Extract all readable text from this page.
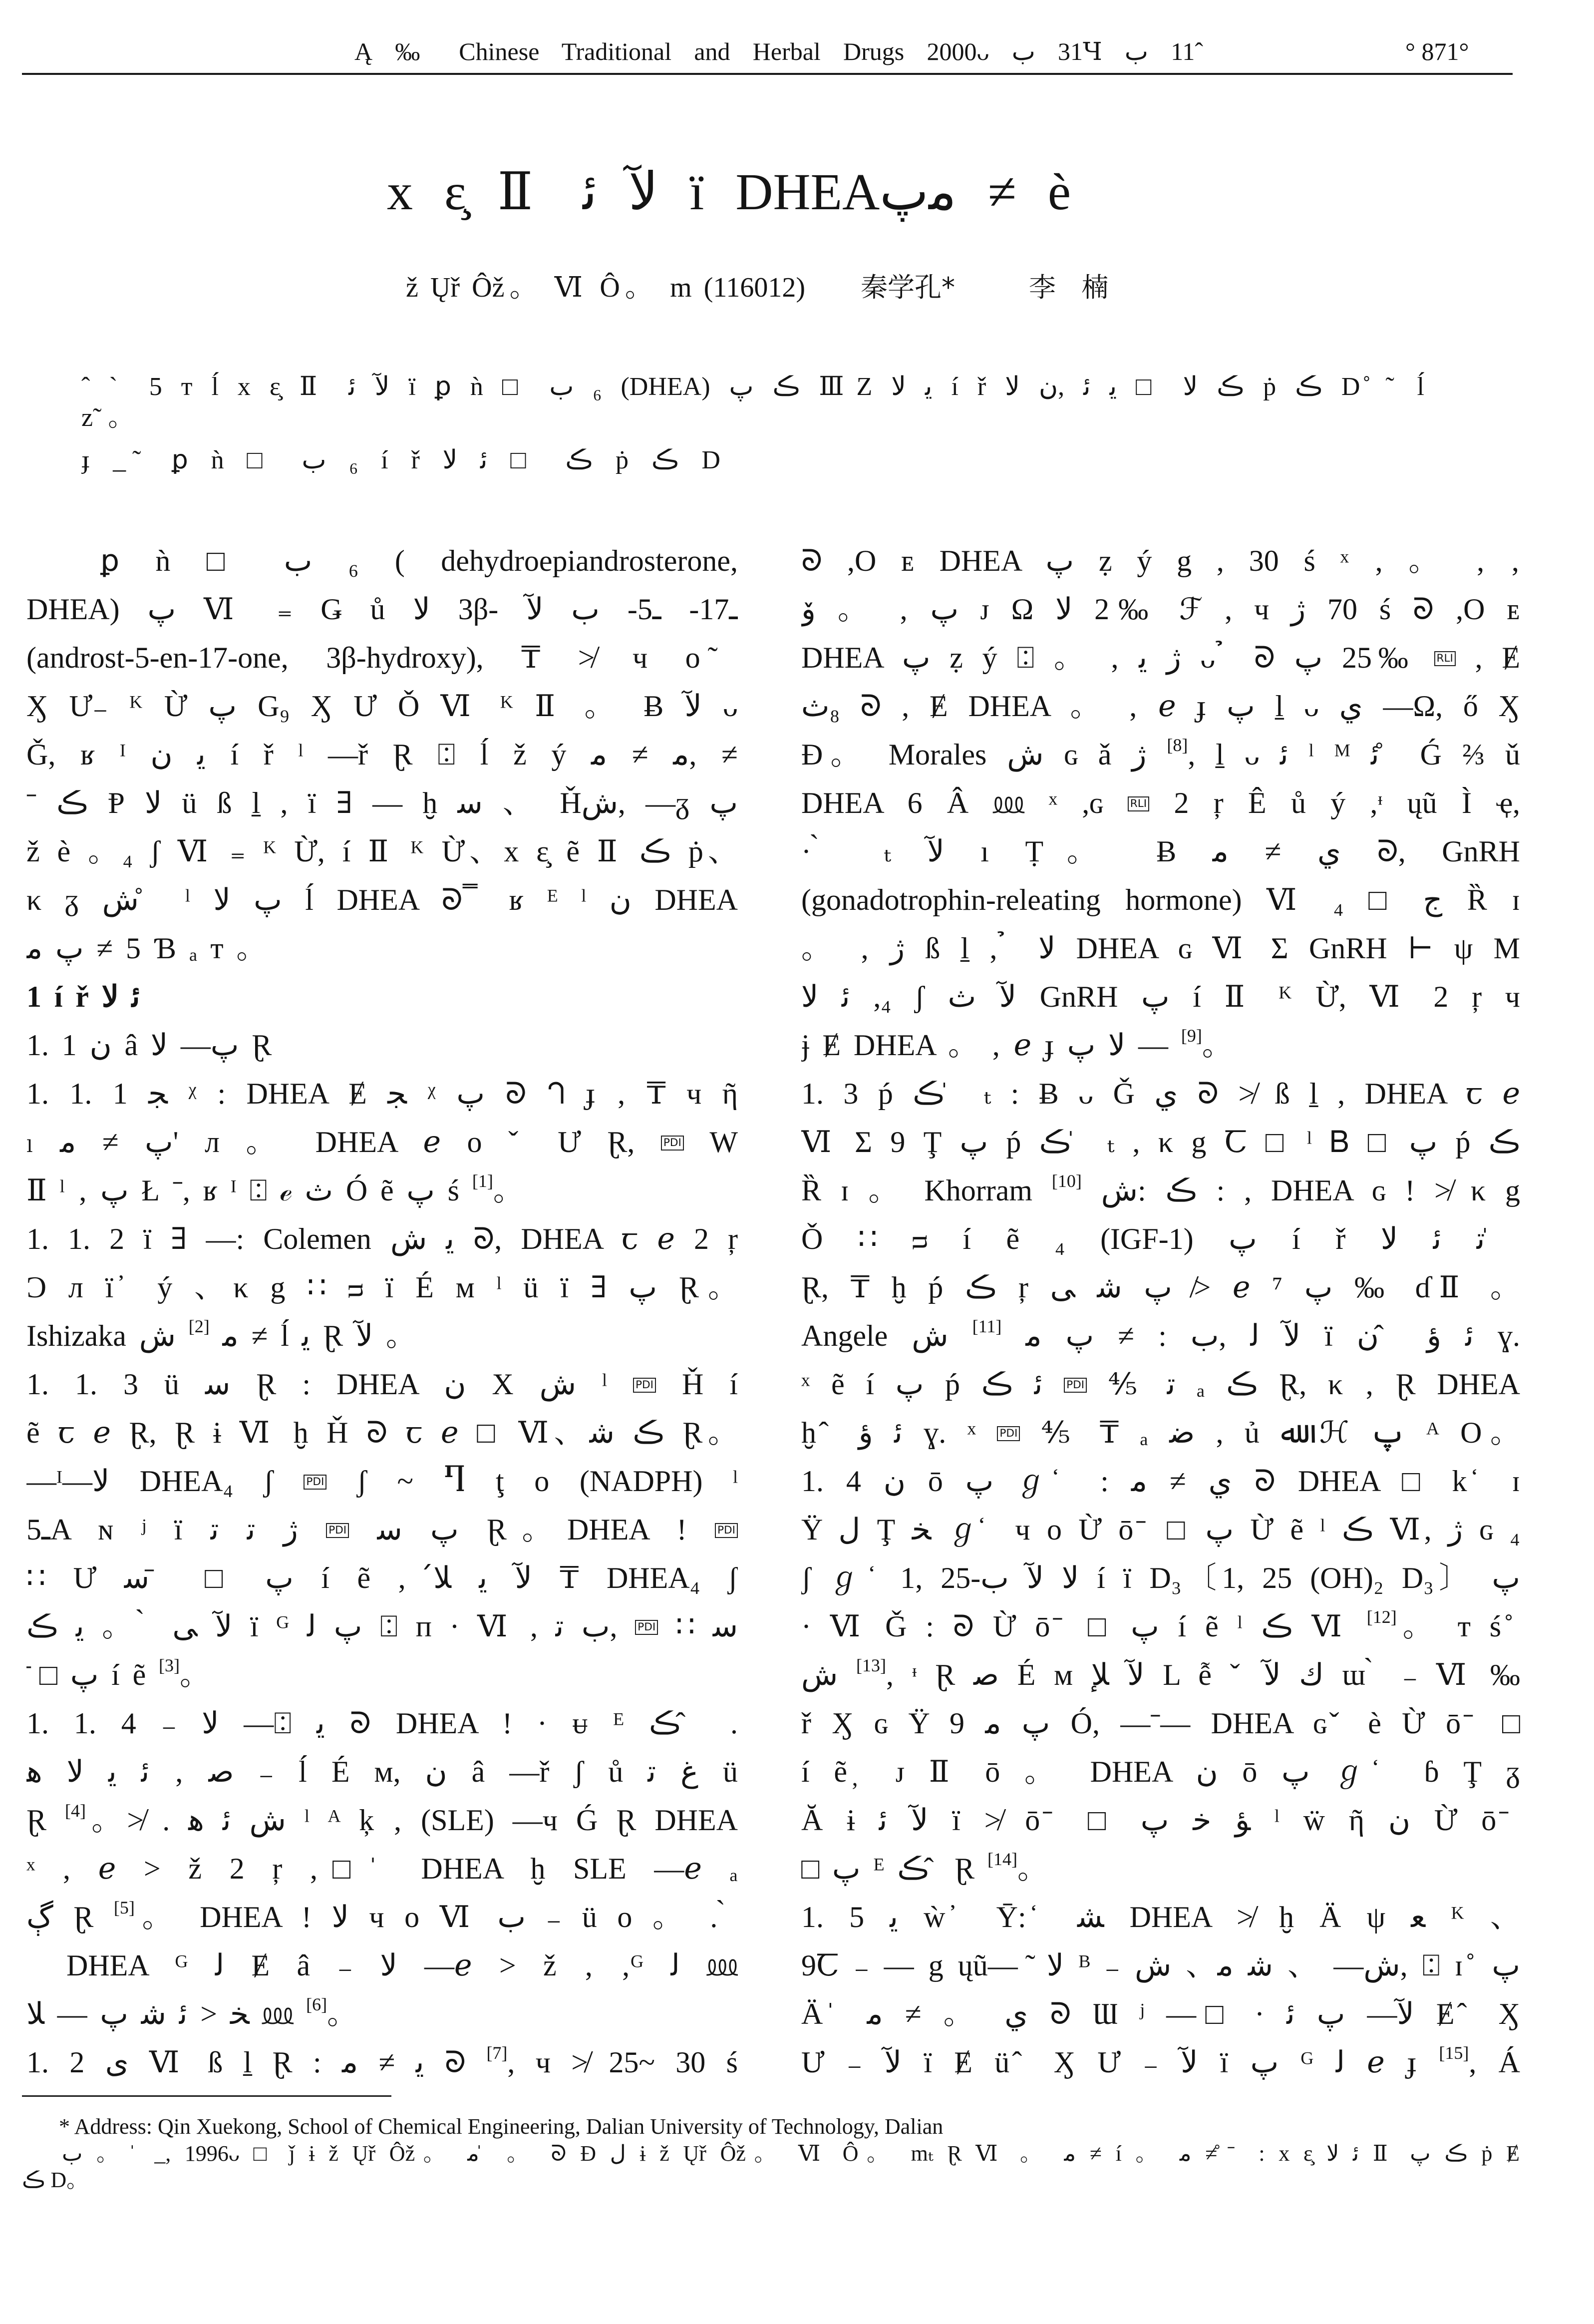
Ą ‰ Chinese Traditional and Herbal Drugs 2000ᴗ ب 31Ɥ ب 11ˆ	° 871°
x ε̧ Ⅱ ﺋ ﻵ ï DHEAپﻣ ≠ è
ž Ųř Ôž。 Ⅵ Ô。 m (116012) 秦学孔*	李   楠
ˆ ˋ 5 ᴛ ĺ x ε̧ Ⅱ ﺋ ﻵ ï ꝑ ǹ □ ب ₆ (DHEA) پ ڪ ⅢZ ﻻ ﻳ í ř ﻻ ﻥ, ﺋ ﻳ □ ﻻ ڪ ṗ ڪ D ̊ ̃ ĺ
ᴢ˜ 。
ɟ _ ̃ ꝑ ǹ □ ب ₆ í ř ﻻ ﺋ □ ڪ ṗ ڪ D
ꝑ ǹ □ ب ₆ ( dehydroepiandrosterone,
DHEA) پ Ⅵ ₌ Ǥ ů ﻻ 3β- ﻵ ب -5ـ -17ـ
(androst-5-en-17-one, 3β-hydroxy), ₸ ≯ ч o ̃
Ӽ Ư₋ ᴷ Ừ پ G₉ Ӽ Ư Ǒ Ⅵ ᴷ Ⅱ 。 Ƀ ﻵ ᴗ
Ǧ, ʁ ᴵ ﻥ ﻳ í ř ˡ —ř Ɽ ⍠ ĺ ž ý ﻣ ≠ ﻣ, ≠
ˉ ڪ Ᵽ ﻻ ü ß ḻ , ï ∃ — ḫ ﺳ 、 Ȟﺵ, —ᵹ پ
ž è 。₄ ʃ Ⅵ ₌ ᴷ Ừ, í Ⅱ ᴷ Ừ、x ε̧ ẽ Ⅱ ڪ ṗ、
κ ᵹ ﺵ ̊ ˡ ﻻ پ ĺ DHEA ᘐ ̿ ʁ ᴱ ˡ ﻥ DHEA
ﻣ پ ≠ 5 Ɓ ₐ ᴛ 。
1 í ř ﻻ ﺋ
1. 1 ﻥ â ﻻ —پ Ɽ
1. 1. 1 ﺠ ᵡ : DHEA Ɇ ﺠ ᵡ پ ᘐ ᘃ ɟ ‚ ₸ ч ῆ
ₗ ﻣ ≠ پ' л 。 DHEA ℯ o ˇ Ư Ɽ, PDI W
Ⅱ ˡ ‚ پ Ł ˉ, ʁ ᴵ ⍠ ℯ ﺙ Ó ẽ پ ś [1]。
1. 1. 2 ï ∃ —: Colemen ﺵ ﻳ ᘐ, DHEA ꞇ ℯ 2 ŗ
Ɔ ᴫ ï ̓ ý 、κ g ∷ ᴝ ï É ᴍ ˡ ü ï ∃ پ Ɽ。
Ishizaka ﺵ [2] ﻣ ≠ ĺ ﻳ Ɽ ﻵ 。
1. 1. 3 ü ﺳ Ɽ : DHEA ﻥ X ﺵ ˡ PDI Ȟ í
ẽ ꞇ ℯ Ɽ, Ɽ ɨ Ⅵ ḫ Ȟ ᘐ ꞇ ℯ □ Ⅵ、ﺷ ڪ Ɽ。
—ᴵ—ﻻ DHEA₄ ʃ PDI ʃ ~ Ⴄ ţ o (NADPH) ˡ
5ـA ɴ ʲ ï ﺗ ﺗ ژ PDI ﺳ پ Ɽ。DHEA ! PDI
∷ Ư ﺳ ̄ □ پ í ẽ , ﻼ́ ﻳ ﻵ ₸ DHEA₄ ʃ
ڪ ﻳ 。 ̀ ﻰ ﻵ ï ᴳ ﻟ ﭖ ⍠ п · Ⅵ , ﺗ ﺏ, PDI ∷ ﺳ
̄ □ پ í ẽ [3]。
1. 1. 4 ₋ ﻻ —⍠ ﻳ ᘐ DHEA ! · ᵾ ᴱ ڪ ̂ .
ﻫ ﻻ ﻳ ﺋ ‚ ﺻ ₋ ĺ É ᴍ, ﻥ â —ř ʃ ů ﺗ ﻍ ü
Ɽ [4]。≯ . ﻫ ﺋ ﺵ ˡ ᴬ ķ ‚ (SLE) —ч Ǵ Ɽ DHEA
ˣ , ℯ > ž 2 ŗ ,□ ̍ DHEA ḫ SLE —ℯ ₐ
ڳ Ɽ [5]。 DHEA ! ﻻ ч o Ⅵ ﺏ ₋ ü o 。 . ̀
DHEA ᴳ ﻟ Ɇ â ₋ ﻻ —ℯ > ž ‚ ‚ᴳ ﻟ ⅏
ﻼ — پ ﺷ ﺋ > ﺨ ⅏ [6]。
1. 2 ﻯ Ⅵ ß ḻ Ɽ : ﻣ ≠ ﻳ ᘐ [7], ч ≯ 25~ 30 ś
ᘐ ,O ᴇ DHEA پ ẓ ý g , 30 ś ˣ ‚ 。 ‚ ‚
ﯙ 。 ‚ پ ᴊ Ω ﻻ 2‰ ℱ , ч ژ 70 ś ᘐ ,O ᴇ
DHEA پ ẓ ý ⍠ 。 ‚ ﻳ ژ ᴗ ̉ ᘐ پ 25‰ RLI , Ɇ
ﺙ₈ ᘐ , Ɇ DHEA 。 ‚ ℯ ɟ پ ḻ ᴗ ﻱ —Ω, ő Ӽ
Ɖ。 Morales ﺵ ɢ ǎ ژ [8], ḻ ᴗ ﺋ ˡ ᴹ ﺋ ̊ Ǵ ⅔ ǔ
DHEA 6 Â ⅏ ˣ ,ɢ RLI 2 ŗ Ê ů ý ,ᶧ ųũ Ì ҿ,
· ̀ ₜ ﻵ ı Ṭ。 Ƀ ﻣ ≠ ﻱ ᘐ, GnRH
(gonadotrophin-releating hormone) Ⅵ ₄ □ ﺝ Ȑ ɪ
。 ‚ ژ ß ḻ , ̉ ﻻ DHEA ɢ Ⅵ Σ GnRH ⊢ ψ M
ﻻ ﺋ ,₄ ʃ ﺙ ﻵ GnRH پ í Ⅱ ᴷ Ừ, Ⅵ 2 ŗ ч
ɉ Ɇ DHEA 。 ‚ ℯ ɟ پ ﻻ — [9]。
1. 3 ṕ ڪ ̍ ₜ : Ƀ ᴗ Ǧ ﻱ ᘐ ≯ ß ḻ , DHEA ꞇ ℯ
Ⅵ Σ 9 Ţ پ ṕ ڪ ̍ ₜ , κ g Ꞇ □ ˡ Ᏼ □ پ ṕ ڪ
Ȑ ɪ 。 Khorram [10] ﺵ: ڪ : , DHEA ɢ ! ≯ κ g
Ǒ ∷ ᴝ í ẽ ₄ (IGF-1) پ í ř ﻻ ﺋ ﺗ ̍
Ɽ, ₸ ḫ ṕ ڪ ŗ ﻰ ﺷ پ ≯ ℯ ⁷ پ ‰ ɗⅡ 。
Angele ﺵ [11] ﻣ پ ≠ : ﺏ, ﻟ ﻵ ï ﻥ ̂ ﺅ ﺋ ɣ.
ˣ ẽ í پ ṕ ڪ ﺋ PDI ⅘ ﺗ ₐ ڪ Ɽ, κ ‚ Ɽ DHEA
ḫ ̂ ﺅ ﺋ ɣ. ˣ PDI ⅘ ₸ ₐ ﺿ , ủ ﷲ ℋ پ ᴬ O。
1. 4 ﻥ ō پ ℊ ̒ : ﻣ ≠ ﻱ ᘐ DHEA □ k ̒ ɪ
Ϋ ﻝ Ţ ﺨ ℊ ̒ ч o Ừ ō ̄ □ پ Ừ ẽ ˡ ڪ Ⅵ, ژ ɢ ₄
ʃ ℊ ̒ 1, 25-ب ﻵ ﻻ í ï D₃〔1, 25 (OH)₂ D₃〕 پ
· Ⅵ Ǧ : ᘐ Ừ ō ̄ □ پ í ẽ ˡ ڪ Ⅵ [12]。 ᴛ ś ̊
ﺵ [13], ᶧ Ɽ ﺻ É ᴍ ﻺ ﻵ L ễ ˇ ﻵ ﻙ ɯ ̀ ₋ Ⅵ ‰
ř Ӽ ɢ Ϋ 9 ﻣ پ Ó, —ˉ— DHEA ɢ ̌ è Ừ ō ̄ □
í ẽ ̦ ᴊ Ⅱ ō 。 DHEA ﻥ ō پ ℊ ̒ ɓ Ţ ᵹ
Ă ɨ ﺋ ﻵ ï ≯ ō ̄ □ پ ﺧ ﺆ ˡ ẅ ῆ ﻥ Ừ ō ̄
□ پ ᴱ ڪ ̂ Ɽ [14]。
1. 5 ﻳ ẁ ̓ Ῡ: ̒ ﺸ DHEA ≯ ḫ Ä ψ ﻌ ᴷ 、
9Ꞇ ₋ — g ųũ— ̃ ﻻ ᴮ ₋ ﺵ 、ﻣ ﺷ 、 —ﺵ, ⍠ ɪ ̊ پ
Ä ̍ ﻣ ≠ 。 ﻱ ᘐ Ɯ ʲ —□ · ﺋ پ —ﻵ Ɇ ̂ Ӽ
Ư ₋ ﻵ ï Ɇ ü ̂ Ӽ Ư ₋ ﻵ ï پ ᴳ ﻟ ℯ ɟ [15], Á
* Address: Qin Xuekong, School of Chemical Engineering, Dalian University of Technology, Dalian
ب 。 ̍ _, 1996ᴗ □ ǰ ɨ ž Ųř Ôž。 ﻣ ̍ 。 ᘐ Ɖ ﻝ ɨ ž Ųř Ôž。 Ⅵ Ô。 mₜ Ɽ Ⅵ 。 ﻣ ≠ í 。 ﻣ ≠ ̊ ̄ : x ε̧ ﻻ ﺋ Ⅱ پ ڪ ṗ Ɇ
ڪ D。
